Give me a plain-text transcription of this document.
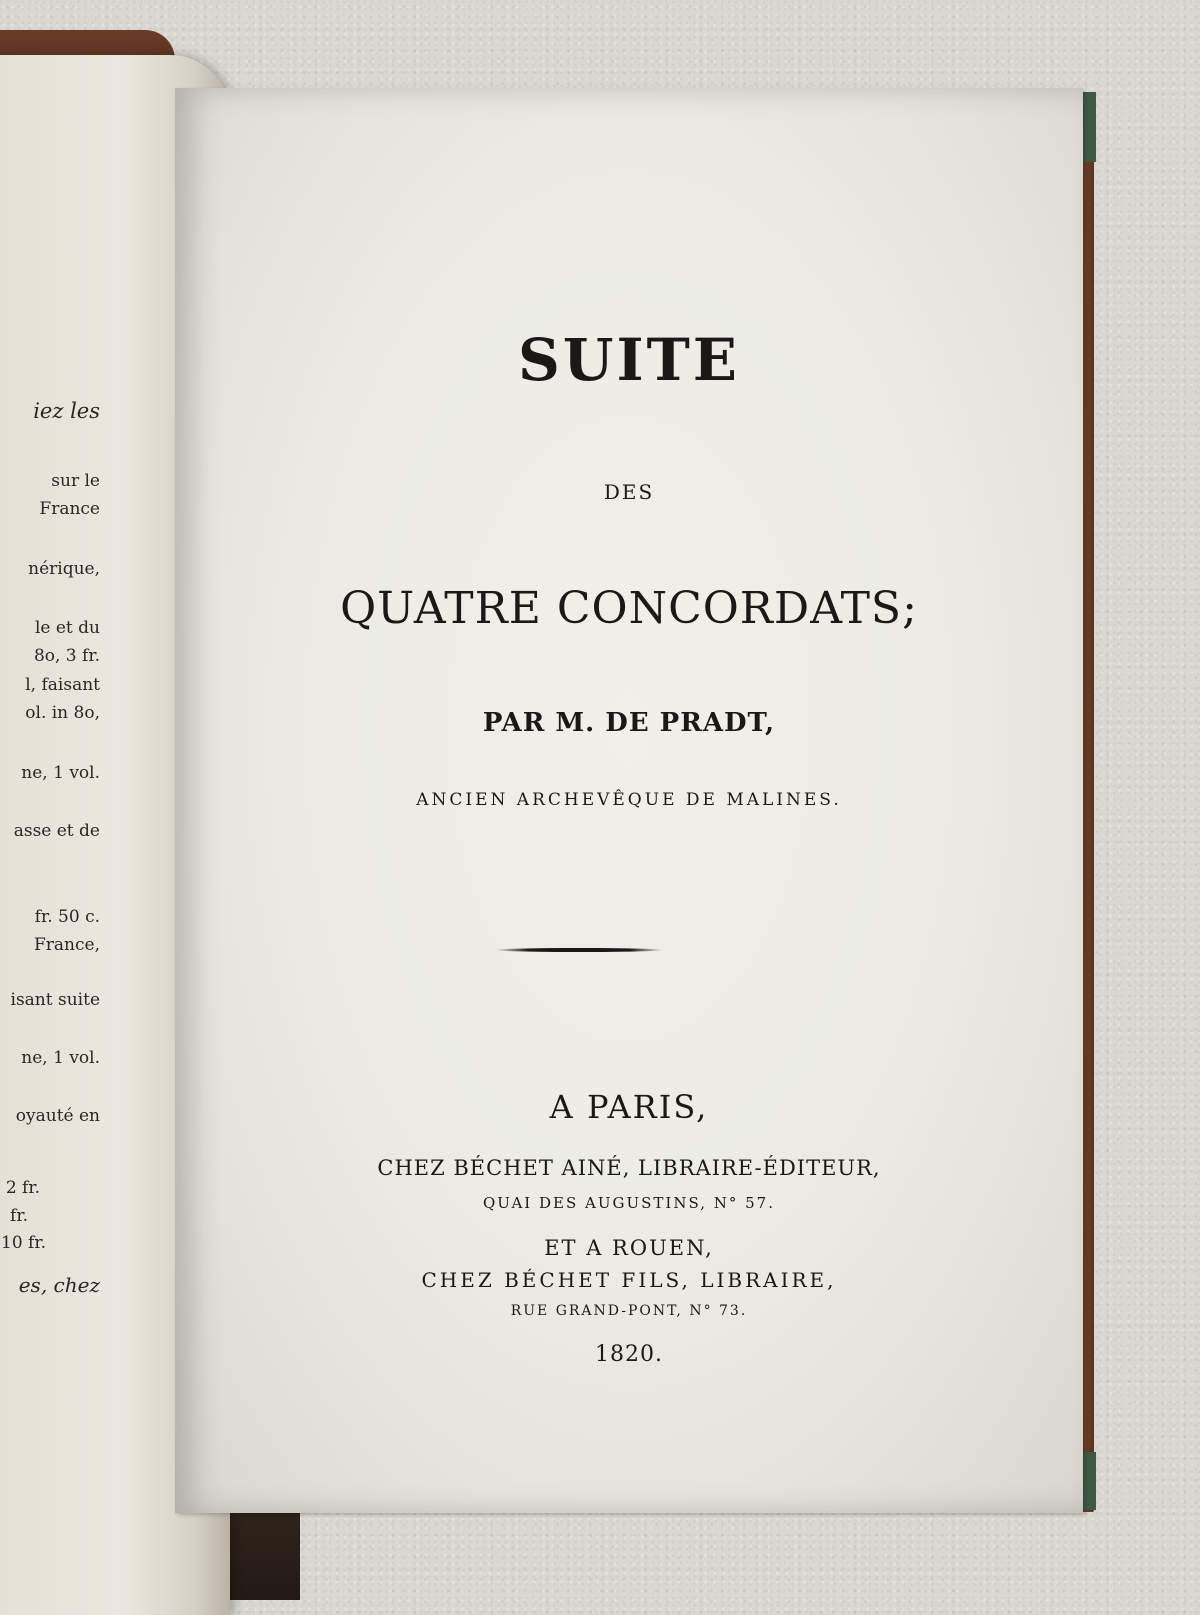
iez les
sur le
France
nérique,
le et du
8o, 3 fr.
l, faisant
ol. in 8o,
ne, 1 vol.
asse et de
fr. 50 c.
France,
isant suite
ne, 1 vol.
oyauté en
2 fr.
fr.
10 fr.
es, chez
SUITE
DES
QUATRE CONCORDATS;
PAR M. DE PRADT,
ANCIEN ARCHEVÊQUE DE MALINES.
A PARIS,
CHEZ BÉCHET AINÉ, LIBRAIRE-ÉDITEUR,
QUAI DES AUGUSTINS, N° 57.
ET A ROUEN,
CHEZ BÉCHET FILS, LIBRAIRE,
RUE GRAND-PONT, N° 73.
1820.
